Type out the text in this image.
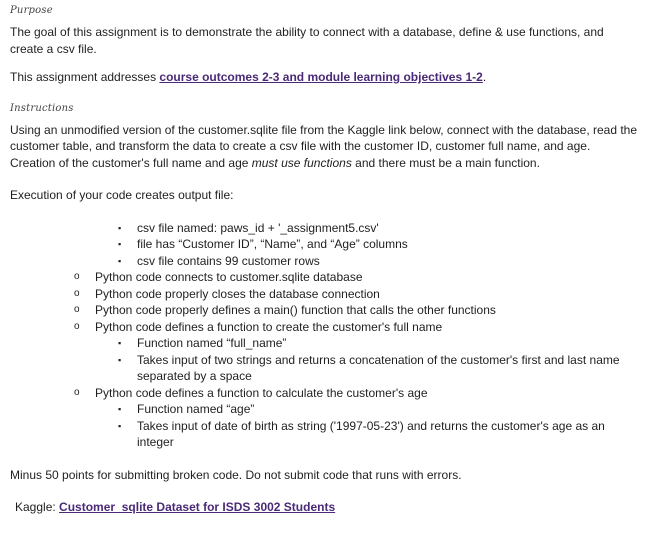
Purpose

The goal of this assignment is to demonstrate the ability to connect with a database, define & use functions, and create a csv file.

This assignment addresses course outcomes 2-3 and module learning objectives 1-2.

Instructions

Using an unmodified version of the customer.sqlite file from the Kaggle link below, connect with the database, read the customer table, and transform the data to create a csv file with the customer ID, customer full name, and age. Creation of the customer's full name and age must use functions and there must be a main function.

Execution of your code creates output file:

▪ csv file named: paws_id + '_assignment5.csv'
▪ file has “Customer ID”, “Name”, and “Age” columns
▪ csv file contains 99 customer rows
o Python code connects to customer.sqlite database
o Python code properly closes the database connection
o Python code properly defines a main() function that calls the other functions
o Python code defines a function to create the customer's full name
▪ Function named “full_name”
▪ Takes input of two strings and returns a concatenation of the customer's first and last name separated by a space
o Python code defines a function to calculate the customer's age
▪ Function named “age”
▪ Takes input of date of birth as string ('1997-05-23') and returns the customer's age as an integer

Minus 50 points for submitting broken code. Do not submit code that runs with errors.

Kaggle: Customer_sqlite Dataset for ISDS 3002 Students
